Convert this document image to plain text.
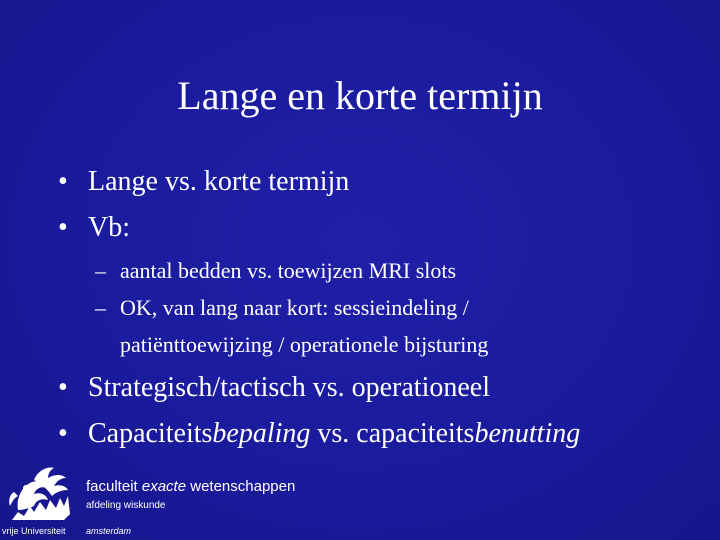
Lange en korte termijn
• Lange vs. korte termijn
• Vb:
– aantal bedden vs. toewijzen MRI slots
– OK, van lang naar kort: sessieindeling /
patiënttoewijzing / operationele bijsturing
• Strategisch/tactisch vs. operationeel
• Capaciteitsbepaling vs. capaciteitsbenutting
vrije Universiteit
faculteit exacte wetenschappen
afdeling wiskunde
amsterdam
